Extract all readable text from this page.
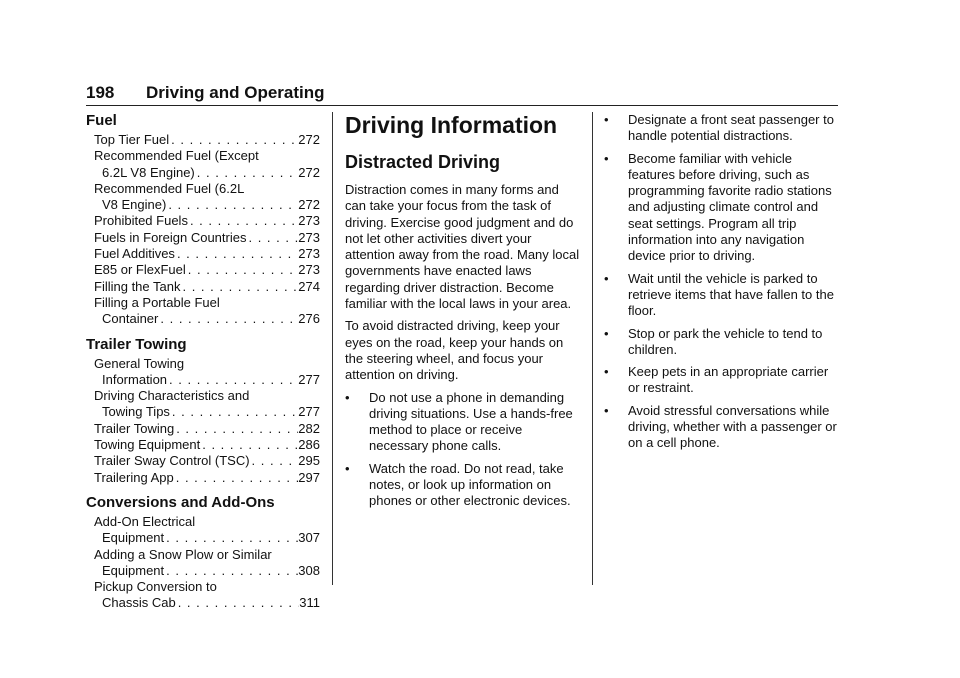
198 Driving and Operating
Fuel
Top Tier Fuel . . .	272
Recommended Fuel (Except
6.2L V8 Engine) . . .	272
Recommended Fuel (6.2L
V8 Engine) . . .	272
Prohibited Fuels . . .	273
Fuels in Foreign Countries . . .	273
Fuel Additives . . .	273
E85 or FlexFuel . . .	273
Filling the Tank . . .	274
Filling a Portable Fuel
Container . . .	276
Trailer Towing
General Towing
Information . . .	277
Driving Characteristics and
Towing Tips . . .	277
Trailer Towing . . .	282
Towing Equipment . . .	286
Trailer Sway Control (TSC) . . .	295
Trailering App . . .	297
Conversions and Add-Ons
Add-On Electrical
Equipment . . .	307
Adding a Snow Plow or Similar
Equipment . . .	308
Pickup Conversion to
Chassis Cab . . .	311
Driving Information
Distracted Driving

Distraction comes in many forms and can take your focus from the task of driving. Exercise good judgment and do not let other activities divert your attention away from the road. Many local governments have enacted laws regarding driver distraction. Become familiar with the local laws in your area.

To avoid distracted driving, keep your eyes on the road, keep your hands on the steering wheel, and focus your attention on driving.

•	Do not use a phone in demanding driving situations. Use a hands-free method to place or receive necessary phone calls.
•	Watch the road. Do not read, take notes, or look up information on phones or other electronic devices.
•	Designate a front seat passenger to handle potential distractions.
•	Become familiar with vehicle features before driving, such as programming favorite radio stations and adjusting climate control and seat settings. Program all trip information into any navigation device prior to driving.
•	Wait until the vehicle is parked to retrieve items that have fallen to the floor.
•	Stop or park the vehicle to tend to children.
•	Keep pets in an appropriate carrier or restraint.
•	Avoid stressful conversations while driving, whether with a passenger or on a cell phone.
